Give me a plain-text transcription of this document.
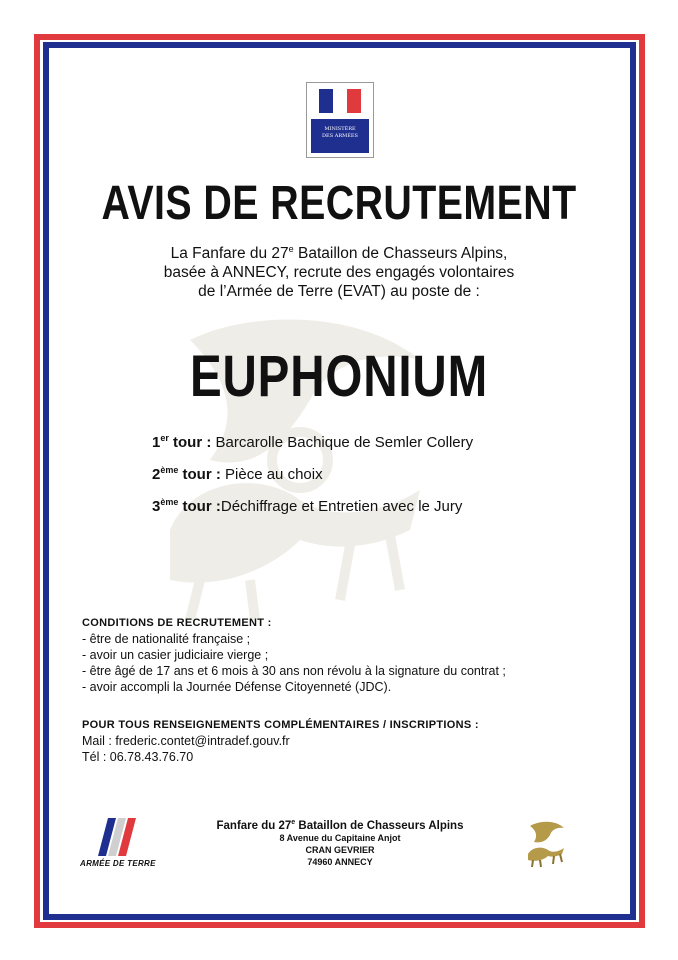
MINISTÈRE
DES ARMÉES
AVIS DE RECRUTEMENT
La Fanfare du 27e Bataillon de Chasseurs Alpins,
basée à ANNECY, recrute des engagés volontaires
de l’Armée de Terre (EVAT) au poste de :
EUPHONIUM
1er tour : Barcarolle Bachique de Semler Collery
2ème tour : Pièce au choix
3ème tour :Déchiffrage et Entretien avec le Jury
CONDITIONS DE RECRUTEMENT :
- être de nationalité française ;
- avoir un casier judiciaire vierge ;
- être âgé de 17 ans et 6 mois à 30 ans non révolu à la signature du contrat ;
- avoir accompli la Journée Défense Citoyenneté (JDC).
POUR TOUS RENSEIGNEMENTS COMPLÉMENTAIRES / INSCRIPTIONS :
Mail : frederic.contet@intradef.gouv.fr
Tél : 06.78.43.76.70
ARMÉE DE TERRE
Fanfare du 27e Bataillon de Chasseurs Alpins
8 Avenue du Capitaine Anjot
CRAN GEVRIER
74960 ANNECY
